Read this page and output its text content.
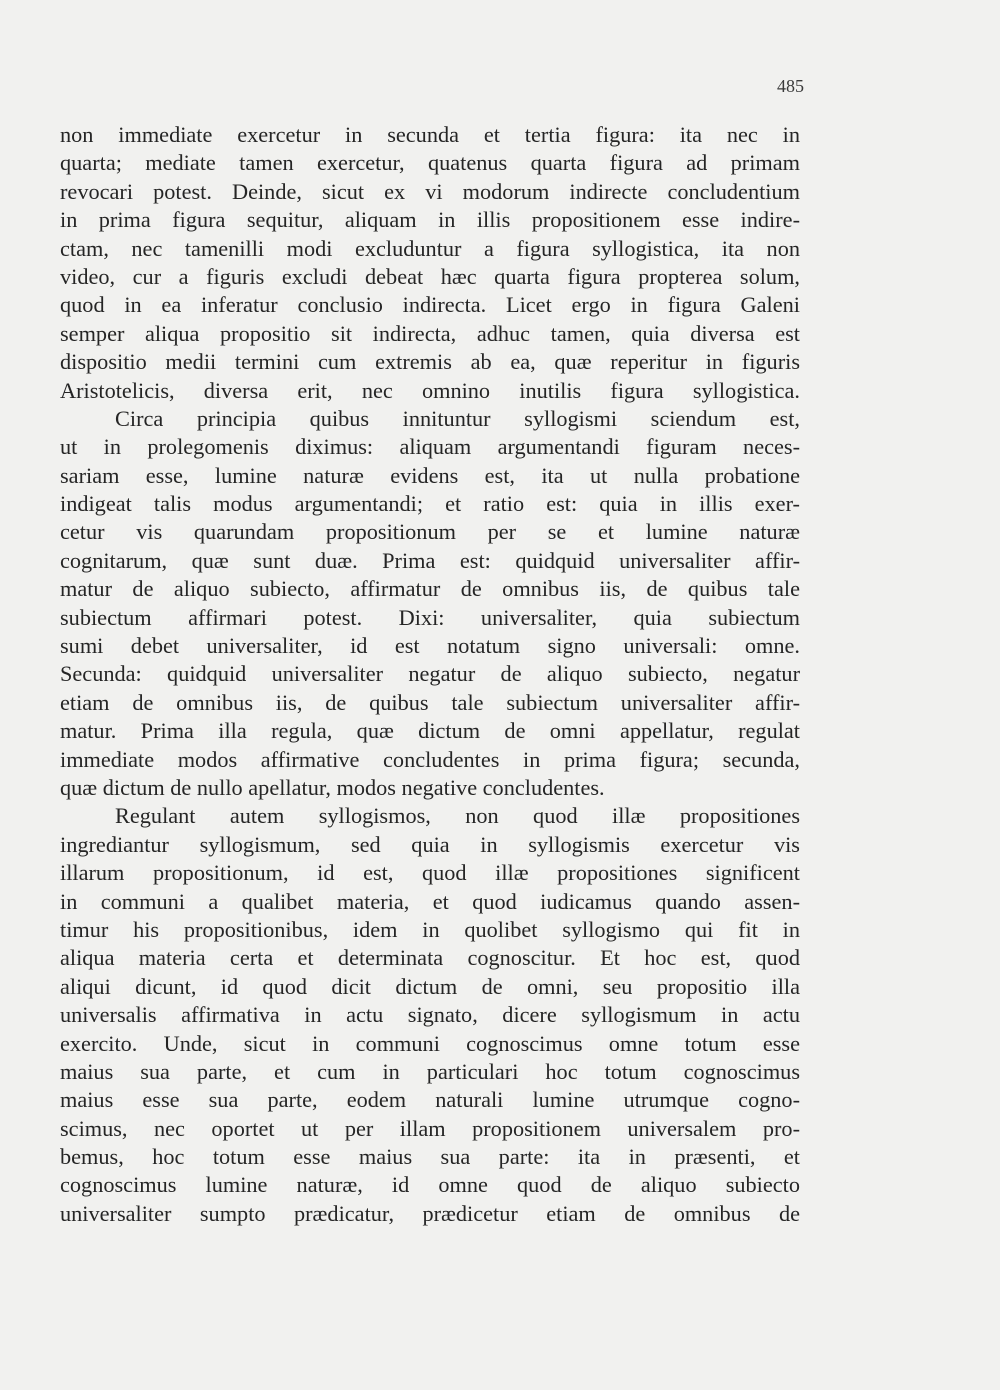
485
non immediate exercetur in secunda et tertia figura: ita nec in
quarta; mediate tamen exercetur, quatenus quarta figura ad primam
revocari potest. Deinde, sicut ex vi modorum indirecte concludentium
in prima figura sequitur, aliquam in illis propositionem esse indire-
ctam, nec tamenilli modi excluduntur a figura syllogistica, ita non
video, cur a figuris excludi debeat hæc quarta figura propterea solum,
quod in ea inferatur conclusio indirecta. Licet ergo in figura Galeni
semper aliqua propositio sit indirecta, adhuc tamen, quia diversa est
dispositio medii termini cum extremis ab ea, quæ reperitur in figuris
Aristotelicis, diversa erit, nec omnino inutilis figura syllogistica.
Circa principia quibus innituntur syllogismi sciendum est,
ut in prolegomenis diximus: aliquam argumentandi figuram neces-
sariam esse, lumine naturæ evidens est, ita ut nulla probatione
indigeat talis modus argumentandi; et ratio est: quia in illis exer-
cetur vis quarundam propositionum per se et lumine naturæ
cognitarum, quæ sunt duæ. Prima est: quidquid universaliter affir-
matur de aliquo subiecto, affirmatur de omnibus iis, de quibus tale
subiectum affirmari potest. Dixi: universaliter, quia subiectum
sumi debet universaliter, id est notatum signo universali: omne.
Secunda: quidquid universaliter negatur de aliquo subiecto, negatur
etiam de omnibus iis, de quibus tale subiectum universaliter affir-
matur. Prima illa regula, quæ dictum de omni appellatur, regulat
immediate modos affirmative concludentes in prima figura; secunda,
quæ dictum de nullo apellatur, modos negative concludentes.
Regulant autem syllogismos, non quod illæ propositiones
ingrediantur syllogismum, sed quia in syllogismis exercetur vis
illarum propositionum, id est, quod illæ propositiones significent
in communi a qualibet materia, et quod iudicamus quando assen-
timur his propositionibus, idem in quolibet syllogismo qui fit in
aliqua materia certa et determinata cognoscitur. Et hoc est, quod
aliqui dicunt, id quod dicit dictum de omni, seu propositio illa
universalis affirmativa in actu signato, dicere syllogismum in actu
exercito. Unde, sicut in communi cognoscimus omne totum esse
maius sua parte, et cum in particulari hoc totum cognoscimus
maius esse sua parte, eodem naturali lumine utrumque cogno-
scimus, nec oportet ut per illam propositionem universalem pro-
bemus, hoc totum esse maius sua parte: ita in præsenti, et
cognoscimus lumine naturæ, id omne quod de aliquo subiecto
universaliter sumpto prædicatur, prædicetur etiam de omnibus de
